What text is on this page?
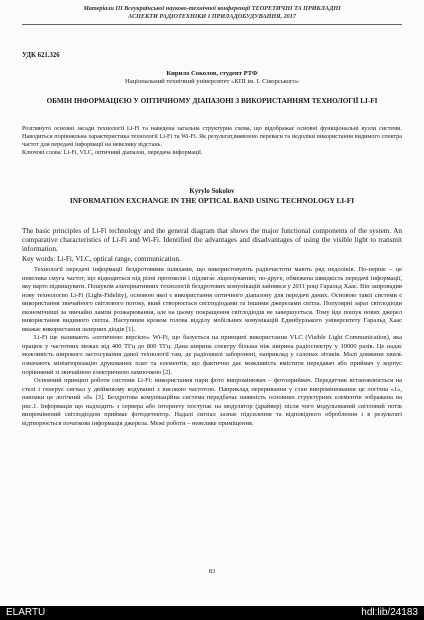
Матеріали ІІІ Всеукраїнської науково-технічної конференції ТЕОРЕТИЧНІ ТА ПРИКЛАДНІ
АСПЕКТИ РАДІОТЕХНІКИ І ПРИЛАДОБУДУВАННЯ, 2017
УДК 621.326
Кирило Соколов, студент РТФ
Національний технічний університет «КПІ ім. І. Сікорського»
ОБМІН ІНФОРМАЦІЄЮ У ОПТИЧНОМУ ДІАПАЗОНІ З ВИКОРИСТАННЯМ ТЕХНОЛОГІЇ LI-FI
Розглянуто основні засади технології Li-Fi та наведена загальна структурна схема, що відображає основні функціональні вузли системи. Наводиться порівняльна характеристика технології Li-Fi та Wi-Fi. Як результат,виявлено переваги та недоліки використання видимого спектра частот для передачі інформації на невелику відстань.
Ключові слова: Li-Fi, VLC, оптичний діапазон, передача інформації.
Kyrylo Sokolov
INFORMATION EXCHANGE IN THE OPTICAL BAND USING TECHNOLOGY LI-FI
The basic principles of Li-Fi technology and the general diagram that shows the major functional components of the system. An comparative characteristics of Li-Fi and Wi-Fi. Identified the advantages and disadvantages of using the visible light to transmit information.
Key words: Li-Fi, VLC, optical range, communication.

Технології передачі інформації бездротовими шляхами, що використовують радіочастоти мають ряд недоліків. По-перше – це невелика смуга частот, що відводиться під різні протоколи і підляга́є ліцензуванню, по-друге, обмежена швидкість передачі інформації, яку варто підвищувати. Пошуком альтернативних технологій бездротових комунікацій зайнявся у 2011 році Гаральд Хаас. Він запровадив нову технологію Li-Fi (Light-Fidelity), основою якої є використання оптичного діапазону для передачі даних. Основою такої системи є використання звичайного світлового потоку, який створюється світлодіодами та іншими джерелами світла. Популярні зараз світлодіоди економічніші за звичайні лампи розжарювання, але на цьому покращення світлодіодів не завершується. Тому йде пошук нових джерел використання видимого світла. Наступним кроком голова відділу мобільних комунікацій Единбурзького університету Гаральд Хаас вважає використання лазерних діодів [1].

Li-Fi ще називають «оптичною версією» Wi-Fi, що базується на принципі використання VLC (Visible Light Communication), яка працює у частотних межах від 400 ТГц до 800 ТГц. Дана ширина спектру більша ніж ширина радіоспектру у 10000 разів. Це надає можливість широкого застосування даної технології там, де радіохвилі заборонені, наприклад у салонах літаків. Малі довжини хвиль означають мініатюризацію друкованих плат та елементів, що фактично дає можливість вмістити передавач або приймач у корпус порівняний зі звичайною електричною лампочкою [2].

Основний принцип роботи системи Li-Fi: використання пари фото випромінювач – фотоприймач. Передатчик встановлюється на стелі і генерує сигнал у двійковому кодуванні з високою частотою. Наприклад переривання у стан випромінювання це логічна «1», навпаки це логічний «0» [3]. Бездротова комунікаційна система передбачає наявність основних структурних елементів зображена на рис.1. Інформація що надходить з сервера або інтернету поступає на модулятор (драйвер) після чого модульований світловий потік випромінений світлодіодом приймає фотодетектор. Надалі сигнал зазнає підсилення та відповідного оброблення і в результаті відтворюється початкова інформація джерела. Межі роботи – невелике приміщення.

83
ELARTU	hdl:lib/24183
